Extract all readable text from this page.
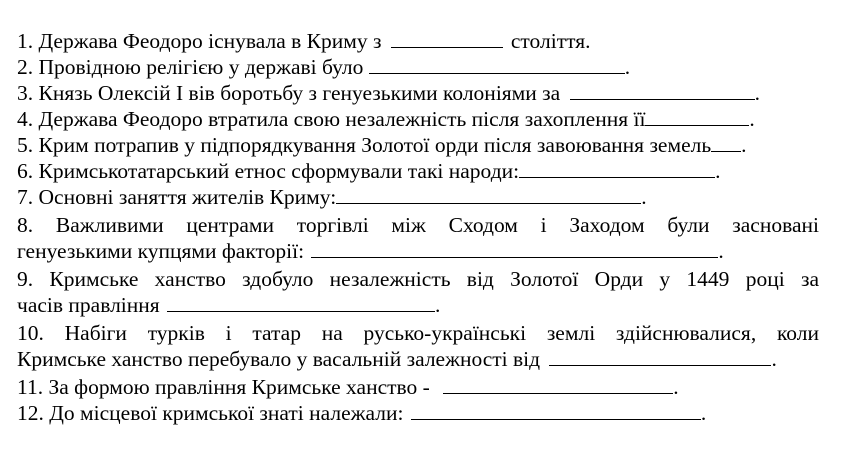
1. Держава Феодоро існувала в Криму з	століття.
2. Провідною релігією у державі було	.
3. Князь Олексій І вів боротьбу з генуезькими колоніями за	.
4. Держава Феодоро втратила свою незалежність після захоплення її	.
5. Крим потрапив у підпорядкування Золотої орди після завоювання земель .
6. Кримськотатарський етнос сформували такі народи:	.
7. Основні заняття жителів Криму:	.
8. Важливими центрами торгівлі між Сходом і Заходом були засновані
генуезькими купцями факторії:	.
9. Кримське ханство здобуло незалежність від Золотої Орди у 1449 році за
часів правління	.
10. Набіги турків і татар на русько-українські землі здійснювалися, коли
Кримське ханство перебувало у васальній залежності від	.
11. За формою правління Кримське ханство -	.
12. До місцевої кримської знаті належали:	.
